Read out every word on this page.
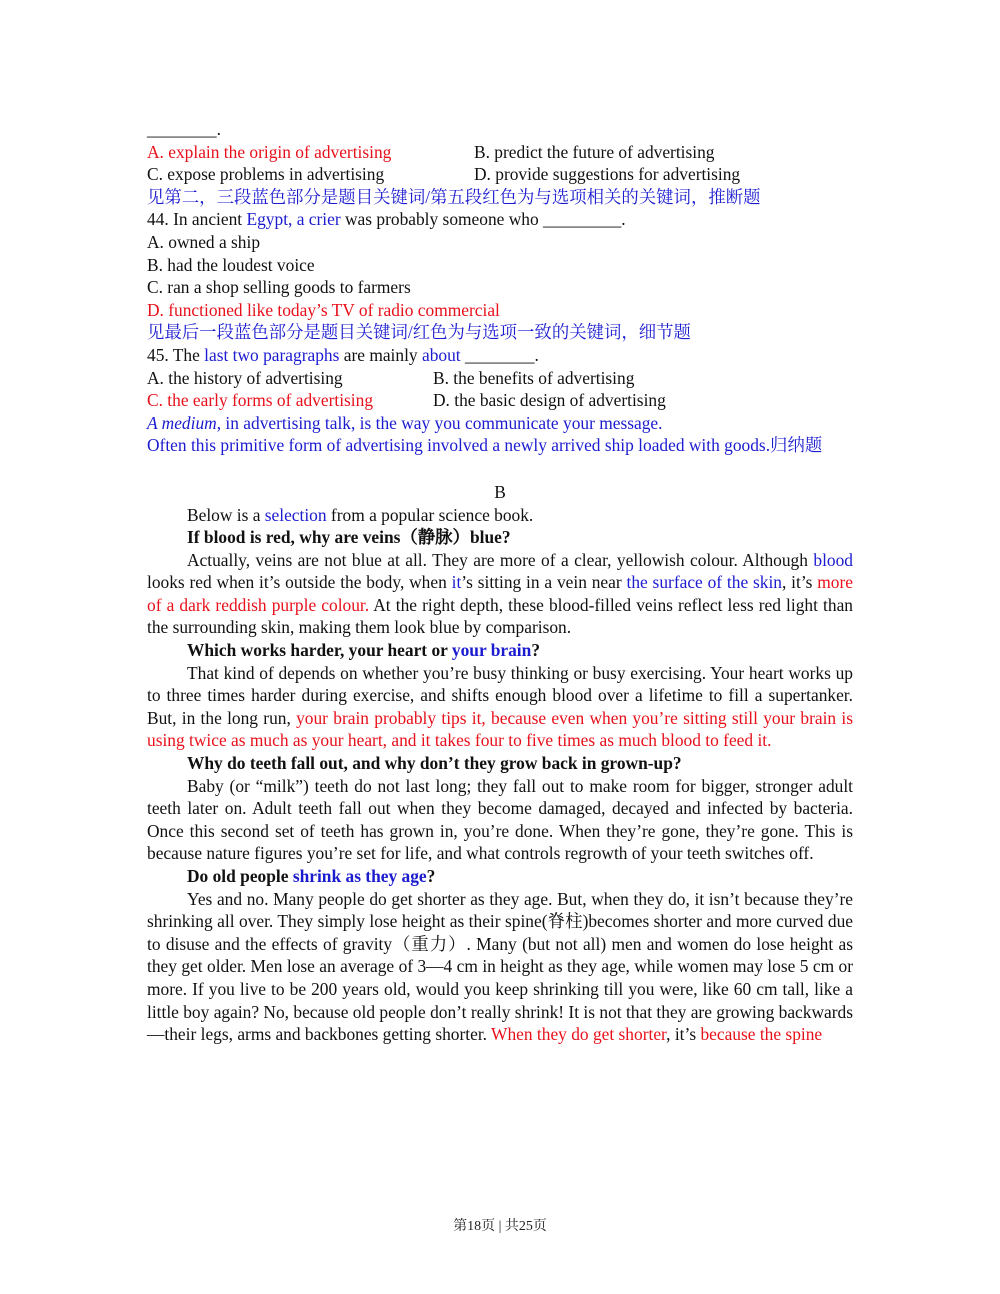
________.
A. explain the origin of advertising	B. predict the future of advertising
C. expose problems in advertising	D. provide suggestions for advertising
见第二，三段蓝色部分是题目关键词/第五段红色为与选项相关的关键词，推断题
44. In ancient Egypt, a crier was probably someone who _________.
A. owned a ship
B. had the loudest voice
C. ran a shop selling goods to farmers
D. functioned like today’s TV of radio commercial
见最后一段蓝色部分是题目关键词/红色为与选项一致的关键词，细节题
45. The last two paragraphs are mainly about ________.
A. the history of advertising	B. the benefits of advertising
C. the early forms of advertising	D. the basic design of advertising
A medium, in advertising talk, is the way you communicate your message.
Often this primitive form of advertising involved a newly arrived ship loaded with goods.归纳题
B
Below is a selection from a popular science book.
If blood is red, why are veins（静脉）blue?
Actually, veins are not blue at all. They are more of a clear, yellowish colour. Although blood looks red when it’s outside the body, when it’s sitting in a vein near the surface of the skin, it’s more of a dark reddish purple colour. At the right depth, these blood-filled veins reflect less red light than the surrounding skin, making them look blue by comparison.
Which works harder, your heart or your brain?
That kind of depends on whether you’re busy thinking or busy exercising. Your heart works up to three times harder during exercise, and shifts enough blood over a lifetime to fill a supertanker. But, in the long run, your brain probably tips it, because even when you’re sitting still your brain is using twice as much as your heart, and it takes four to five times as much blood to feed it.
Why do teeth fall out, and why don’t they grow back in grown-up?
Baby (or “milk”) teeth do not last long; they fall out to make room for bigger, stronger adult teeth later on. Adult teeth fall out when they become damaged, decayed and infected by bacteria. Once this second set of teeth has grown in, you’re done. When they’re gone, they’re gone. This is because nature figures you’re set for life, and what controls regrowth of your teeth switches off.
Do old people shrink as they age?
Yes and no. Many people do get shorter as they age. But, when they do, it isn’t because they’re shrinking all over. They simply lose height as their spine(脊柱)becomes shorter and more curved due to disuse and the effects of gravity（重力）. Many (but not all) men and women do lose height as they get older. Men lose an average of 3—4 cm in height as they age, while women may lose 5 cm or more. If you live to be 200 years old, would you keep shrinking till you were, like 60 cm tall, like a little boy again? No, because old people don’t really shrink! It is not that they are growing backwards—their legs, arms and backbones getting shorter. When they do get shorter, it’s because the spine
第18页 | 共25页
